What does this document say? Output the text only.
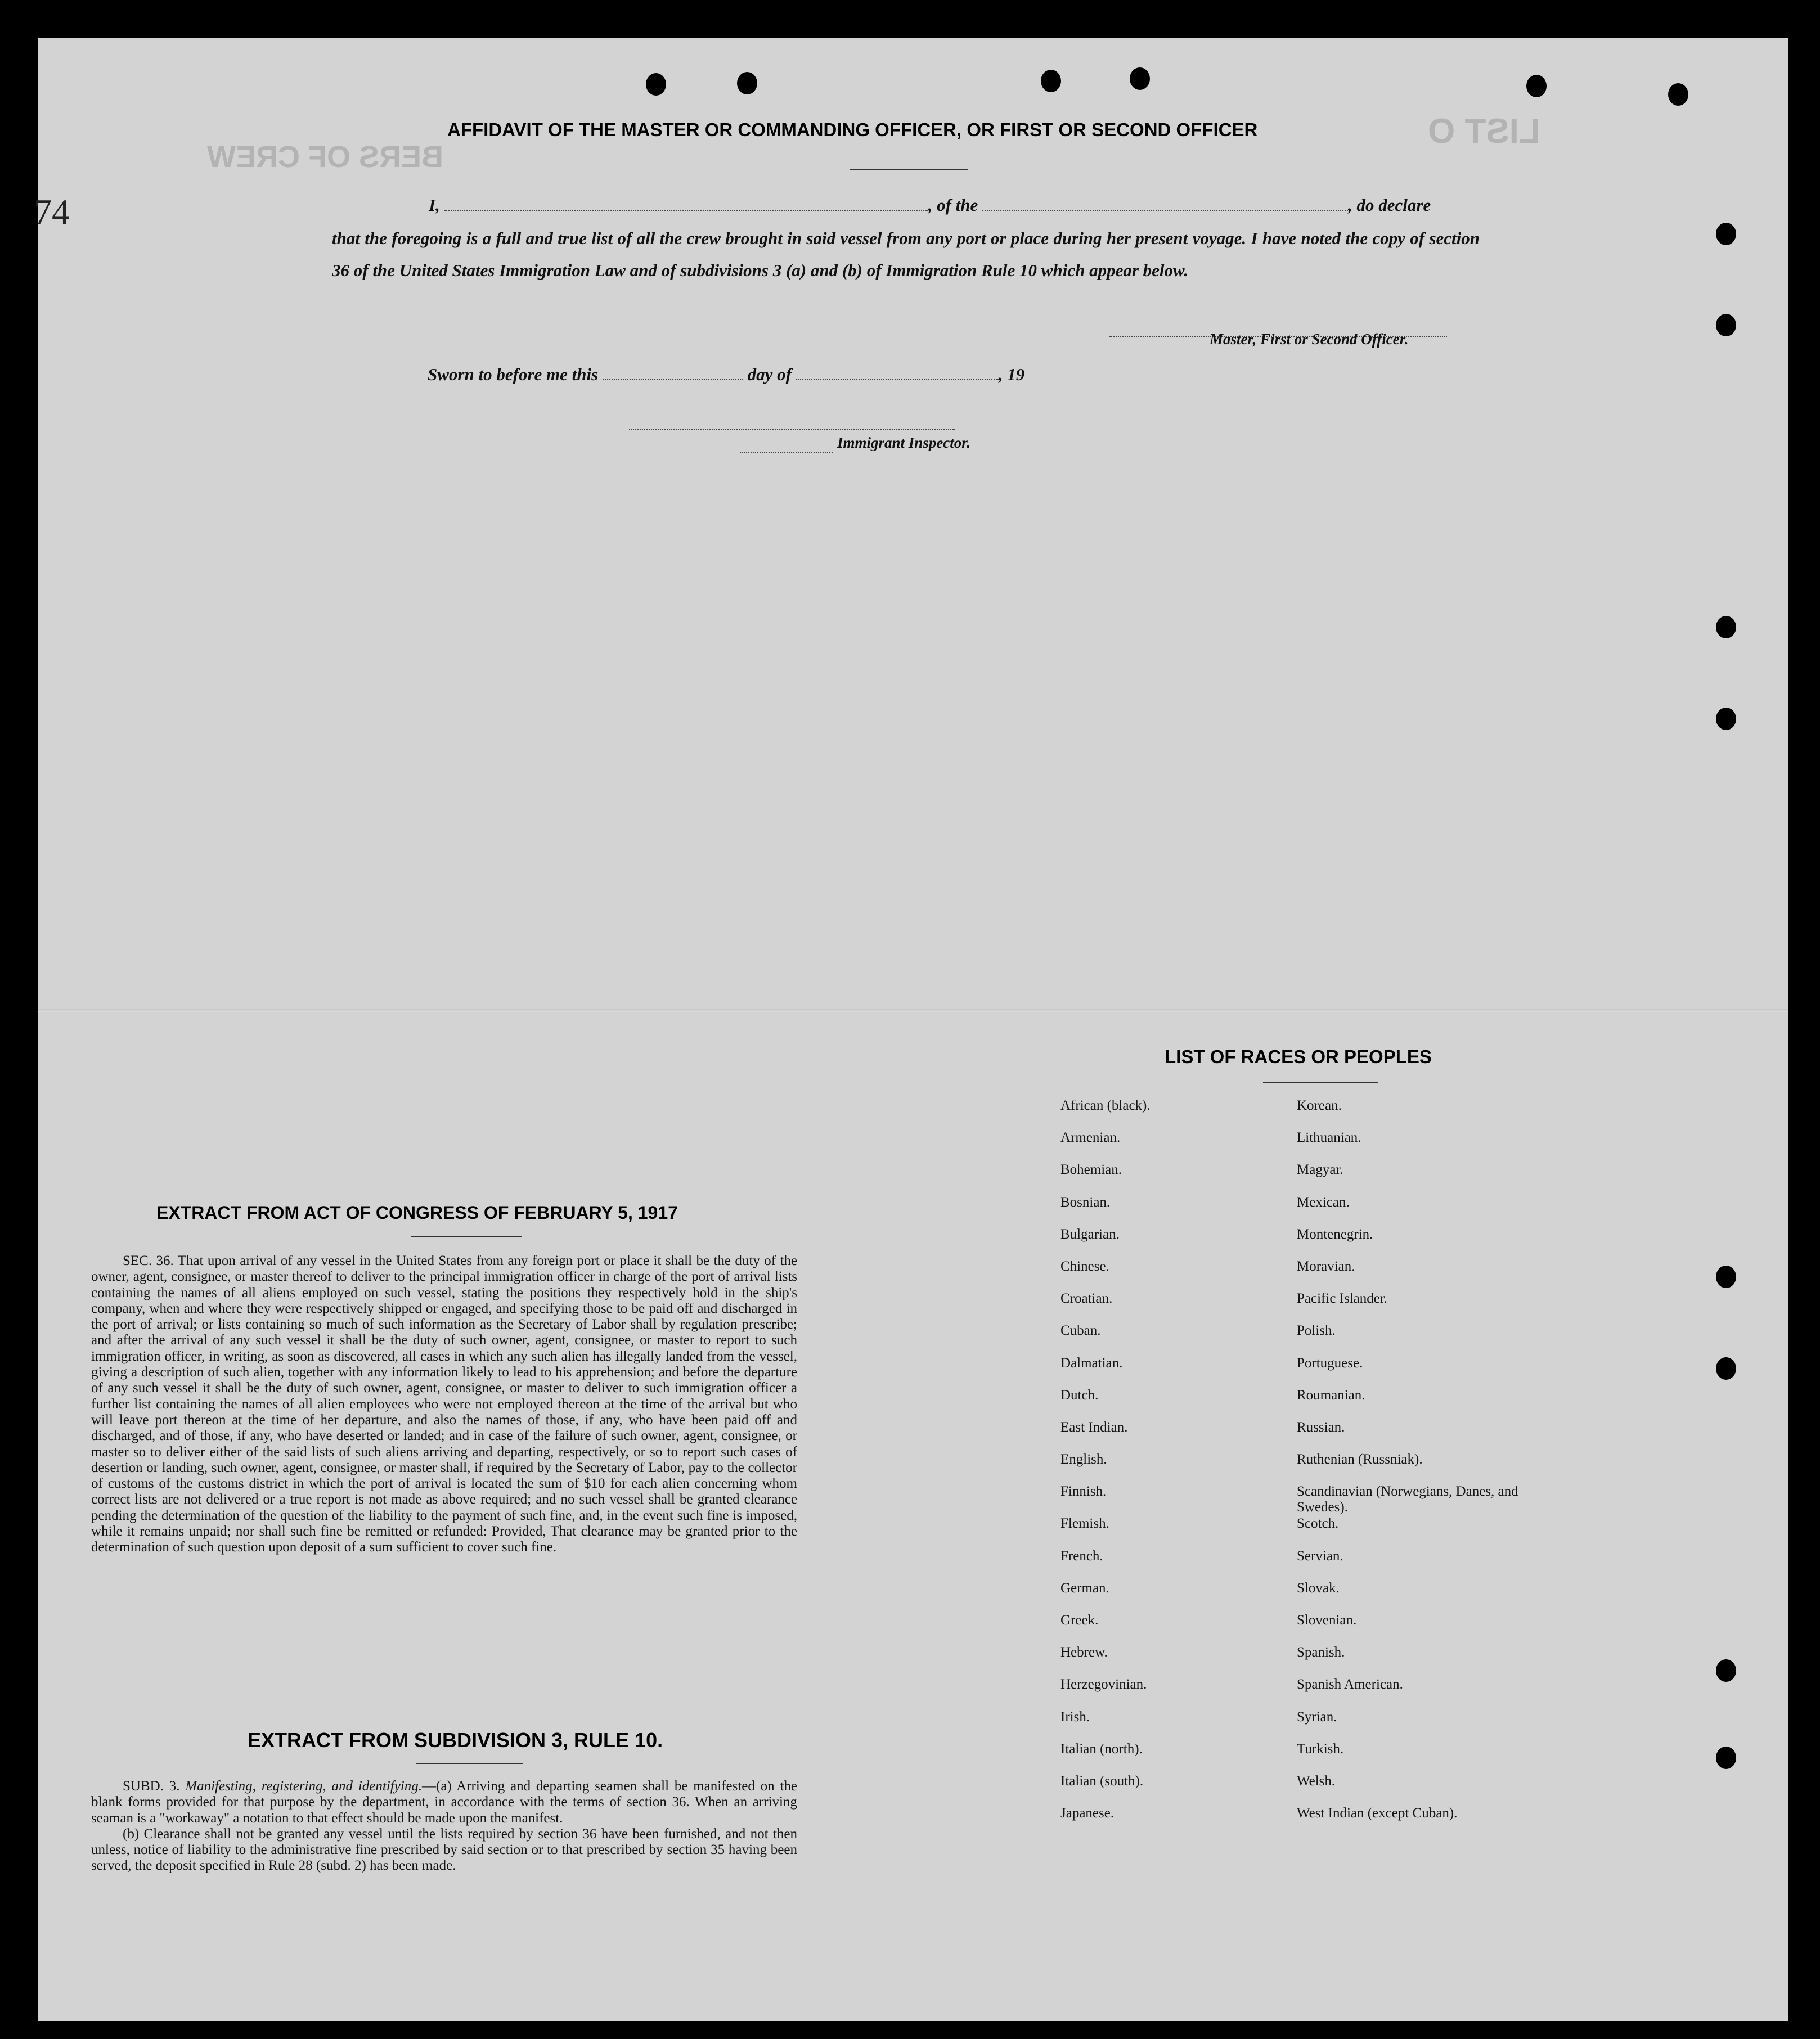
LIST O
BERS OF CREW
74
AFFIDAVIT OF THE MASTER OR COMMANDING OFFICER, OR FIRST OR SECOND OFFICER
I,	, of the	, do declare
that the foregoing is a full and true list of all the crew brought in said vessel from any port or place during her present voyage. I have noted the copy of section 36 of the United States Immigration Law and of subdivisions 3 (a) and (b) of Immigration Rule 10 which appear below.
Master, First or Second Officer.
Sworn to before me this	day of	, 19
Immigrant Inspector.
EXTRACT FROM ACT OF CONGRESS OF FEBRUARY 5, 1917

SEC. 36. That upon arrival of any vessel in the United States from any foreign port or place it shall be the duty of the owner, agent, consignee, or master thereof to deliver to the principal immigration officer in charge of the port of arrival lists containing the names of all aliens employed on such vessel, stating the positions they respectively hold in the ship's company, when and where they were respectively shipped or engaged, and specifying those to be paid off and discharged in the port of arrival; or lists containing so much of such information as the Secretary of Labor shall by regulation prescribe; and after the arrival of any such vessel it shall be the duty of such owner, agent, consignee, or master to report to such immigration officer, in writing, as soon as discovered, all cases in which any such alien has illegally landed from the vessel, giving a description of such alien, together with any information likely to lead to his apprehension; and before the departure of any such vessel it shall be the duty of such owner, agent, consignee, or master to deliver to such immigration officer a further list containing the names of all alien employees who were not employed thereon at the time of the arrival but who will leave port thereon at the time of her departure, and also the names of those, if any, who have been paid off and discharged, and of those, if any, who have deserted or landed; and in case of the failure of such owner, agent, consignee, or master so to deliver either of the said lists of such aliens arriving and departing, respectively, or so to report such cases of desertion or landing, such owner, agent, consignee, or master shall, if required by the Secretary of Labor, pay to the collector of customs of the customs district in which the port of arrival is located the sum of $10 for each alien concerning whom correct lists are not delivered or a true report is not made as above required; and no such vessel shall be granted clearance pending the determination of the question of the liability to the payment of such fine, and, in the event such fine is imposed, while it remains unpaid; nor shall such fine be remitted or refunded: Provided, That clearance may be granted prior to the determination of such question upon deposit of a sum sufficient to cover such fine.

EXTRACT FROM SUBDIVISION 3, RULE 10.

SUBD. 3. Manifesting, registering, and identifying.—(a) Arriving and departing seamen shall be manifested on the blank forms provided for that purpose by the department, in accordance with the terms of section 36. When an arriving seaman is a "workaway" a notation to that effect should be made upon the manifest.

(b) Clearance shall not be granted any vessel until the lists required by section 36 have been furnished, and not then unless, notice of liability to the administrative fine prescribed by said section or to that prescribed by section 35 having been served, the deposit specified in Rule 28 (subd. 2) has been made.

LIST OF RACES OR PEOPLES
African (black).	Korean.
Armenian.	Lithuanian.
Bohemian.	Magyar.
Bosnian.	Mexican.
Bulgarian.	Montenegrin.
Chinese.	Moravian.
Croatian.	Pacific Islander.
Cuban.	Polish.
Dalmatian.	Portuguese.
Dutch.	Roumanian.
East Indian.	Russian.
English.	Ruthenian (Russniak).
Finnish.	Scandinavian (Norwegians, Danes, and Swedes).
Flemish.	Scotch.
French.	Servian.
German.	Slovak.
Greek.	Slovenian.
Hebrew.	Spanish.
Herzegovinian.	Spanish American.
Irish.	Syrian.
Italian (north).	Turkish.
Italian (south).	Welsh.
Japanese.	West Indian (except Cuban).
